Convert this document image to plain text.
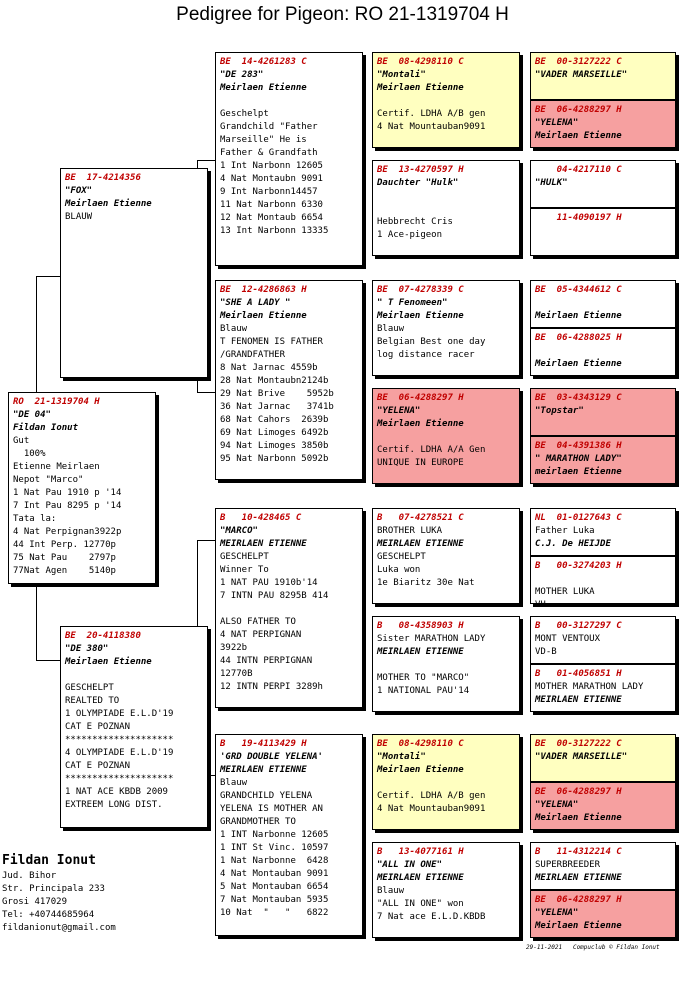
Pedigree for Pigeon: RO 21-1319704 H
RO  21-1319704 H
"DE 04"
Fildan Ionut
Gut
100%
Etienne Meirlaen
Nepot "Marco"
1 Nat Pau 1910 p '14
7 Int Pau 8295 p '14
Tata la:
4 Nat Perpignan3922p
44 Int Perp. 12770p
75 Nat Pau    2797p
77Nat Agen    5140p
BE  17-4214356
"FOX"
Meirlaen Etienne
BLAUW
BE  20-4118380
"DE 380"
Meirlaen Etienne
GESCHELPT
REALTED TO
1 OLYMPIADE E.L.D'19
CAT E POZNAN
********************
4 OLYMPIADE E.L.D'19
CAT E POZNAN
********************
1 NAT ACE KBDB 2009
EXTREEM LONG DIST.
BE  14-4261283 C
"DE 283"
Meirlaen Etienne
Geschelpt
Grandchild "Father
Marseille" He is
Father & Grandfath
1 Int Narbonn 12605
4 Nat Montaubn 9091
9 Int Narbonn14457
11 Nat Narbonn 6330
12 Nat Montaub 6654
13 Int Narbonn 13335
BE  12-4286863 H
"SHE A LADY "
Meirlaen Etienne
Blauw
T FENOMEN IS FATHER
/GRANDFATHER
8 Nat Jarnac 4559b
28 Nat Montaubn2124b
29 Nat Brive    5952b
36 Nat Jarnac   3741b
68 Nat Cahors  2639b
69 Nat Limoges 6492b
94 Nat Limoges 3850b
95 Nat Narbonn 5092b
B   10-428465 C
"MARCO"
MEIRLAEN ETIENNE
GESCHELPT
Winner To
1 NAT PAU 1910b'14
7 INTN PAU 8295B 414
ALSO FATHER TO
4 NAT PERPIGNAN
3922b
44 INTN PERPIGNAN
12770B
12 INTN PERPI 3289h
B   19-4113429 H
'GRD DOUBLE YELENA'
MEIRLAEN ETIENNE
Blauw
GRANDCHILD YELENA
YELENA IS MOTHER AN
GRANDMOTHER TO
1 INT Narbonne 12605
1 INT St Vinc. 10597
1 Nat Narbonne  6428
4 Nat Montauban 9091
5 Nat Montauban 6654
7 Nat Montauban 5935
10 Nat  "   "   6822
BE  08-4298110 C
"Montali"
Meirlaen Etienne
Certif. LDHA A/B gen
4 Nat Mountauban9091
BE  13-4270597 H
Dauchter "Hulk"
Hebbrecht Cris
1 Ace-pigeon
BE  07-4278339 C
" T Fenomeen"
Meirlaen Etienne
Blauw
Belgian Best one day
log distance racer
BE  06-4288297 H
"YELENA"
Meirlaen Etienne
Certif. LDHA A/A Gen
UNIQUE IN EUROPE
B   07-4278521 C
BROTHER LUKA
MEIRLAEN ETIENNE
GESCHELPT
Luka won
1e Biaritz 30e Nat
B   08-4358903 H
Sister MARATHON LADY
MEIRLAEN ETIENNE
MOTHER TO "MARCO"
1 NATIONAL PAU'14
BE  08-4298110 C
"Montali"
Meirlaen Etienne
Certif. LDHA A/B gen
4 Nat Mountauban9091
B   13-4077161 H
"ALL IN ONE"
MEIRLAEN ETIENNE
Blauw
"ALL IN ONE" won
7 Nat ace E.L.D.KBDB
BE  00-3127222 C
"VADER MARSEILLE"
BE  06-4288297 H
"YELENA"
Meirlaen Etienne
04-4217110 C
"HULK"
11-4090197 H
BE  05-4344612 C
Meirlaen Etienne
BE  06-4288025 H
Meirlaen Etienne
BE  03-4343129 C
"Topstar"
BE  04-4391386 H
" MARATHON LADY"
meirlaen Etienne
NL  01-0127643 C
Father Luka
C.J. De HEIJDE
B   00-3274203 H
MOTHER LUKA
VH
B   00-3127297 C
MONT VENTOUX
VD-B
B   01-4056851 H
MOTHER MARATHON LADY
MEIRLAEN ETIENNE
BE  00-3127222 C
"VADER MARSEILLE"
BE  06-4288297 H
"YELENA"
Meirlaen Etienne
B   11-4312214 C
SUPERBREEDER
MEIRLAEN ETIENNE
BE  06-4288297 H
"YELENA"
Meirlaen Etienne
Fildan Ionut
Jud. Bihor
Str. Principala 233
Grosi 417029
Tel: +40744685964
fildanionut@gmail.com
29-11-2021   Compuclub © Fildan Ionut
